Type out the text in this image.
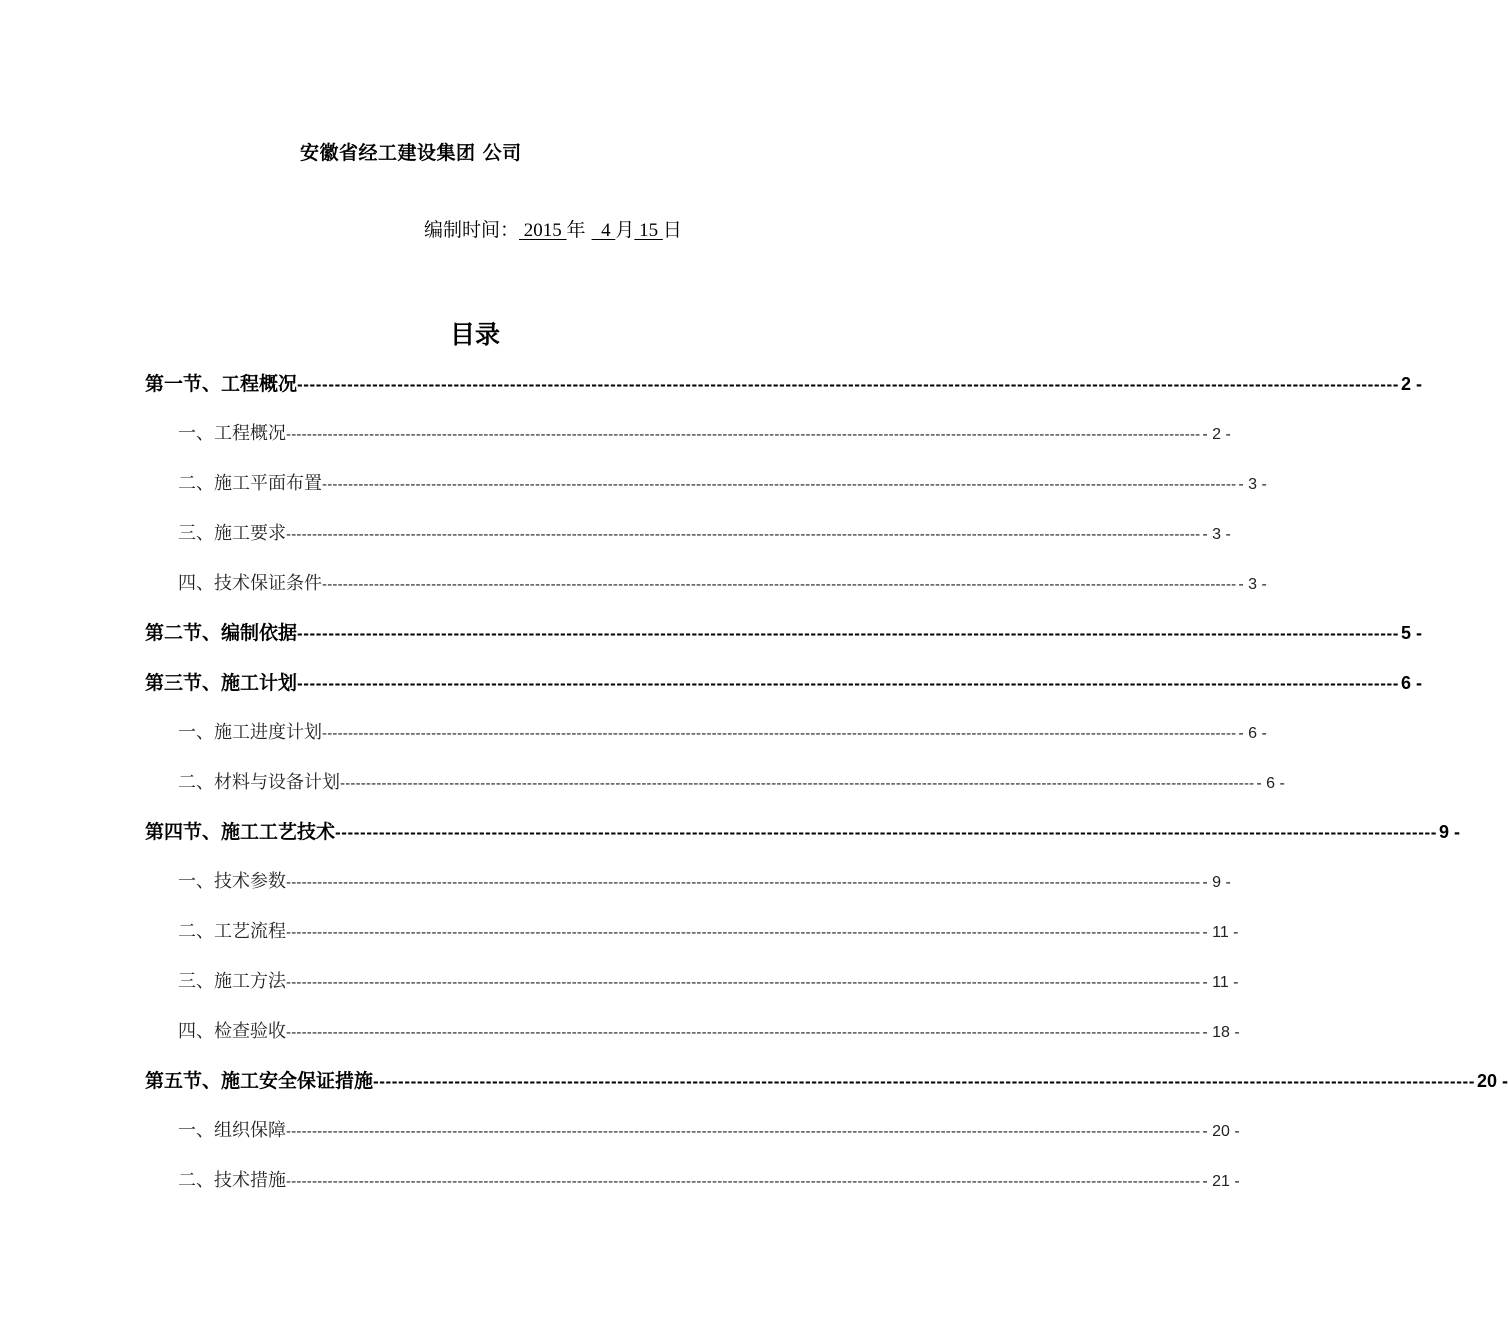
安徽省经工建设集团 公司
编制时间： 2015 年   4 月 15 日
目录
第一节、工程概况 -------------------------------------------------------------------------------------------------------------------------------------------------------------------------------- 2 -
一、工程概况 -------------------------------------------------------------------------------------------------------------------------------------------------------------------------------- - 2 -
二、施工平面布置 -------------------------------------------------------------------------------------------------------------------------------------------------------------------------------- - 3 -
三、施工要求 -------------------------------------------------------------------------------------------------------------------------------------------------------------------------------- - 3 -
四、技术保证条件 -------------------------------------------------------------------------------------------------------------------------------------------------------------------------------- - 3 -
第二节、编制依据 -------------------------------------------------------------------------------------------------------------------------------------------------------------------------------- 5 -
第三节、施工计划 -------------------------------------------------------------------------------------------------------------------------------------------------------------------------------- 6 -
一、施工进度计划 -------------------------------------------------------------------------------------------------------------------------------------------------------------------------------- - 6 -
二、材料与设备计划 -------------------------------------------------------------------------------------------------------------------------------------------------------------------------------- - 6 -
第四节、施工工艺技术 -------------------------------------------------------------------------------------------------------------------------------------------------------------------------------- 9 -
一、技术参数 -------------------------------------------------------------------------------------------------------------------------------------------------------------------------------- - 9 -
二、工艺流程 -------------------------------------------------------------------------------------------------------------------------------------------------------------------------------- - 11 -
三、施工方法 -------------------------------------------------------------------------------------------------------------------------------------------------------------------------------- - 11 -
四、检查验收 -------------------------------------------------------------------------------------------------------------------------------------------------------------------------------- - 18 -
第五节、施工安全保证措施 -------------------------------------------------------------------------------------------------------------------------------------------------------------------------------- 20 -
一、组织保障 -------------------------------------------------------------------------------------------------------------------------------------------------------------------------------- - 20 -
二、技术措施 -------------------------------------------------------------------------------------------------------------------------------------------------------------------------------- - 21 -
